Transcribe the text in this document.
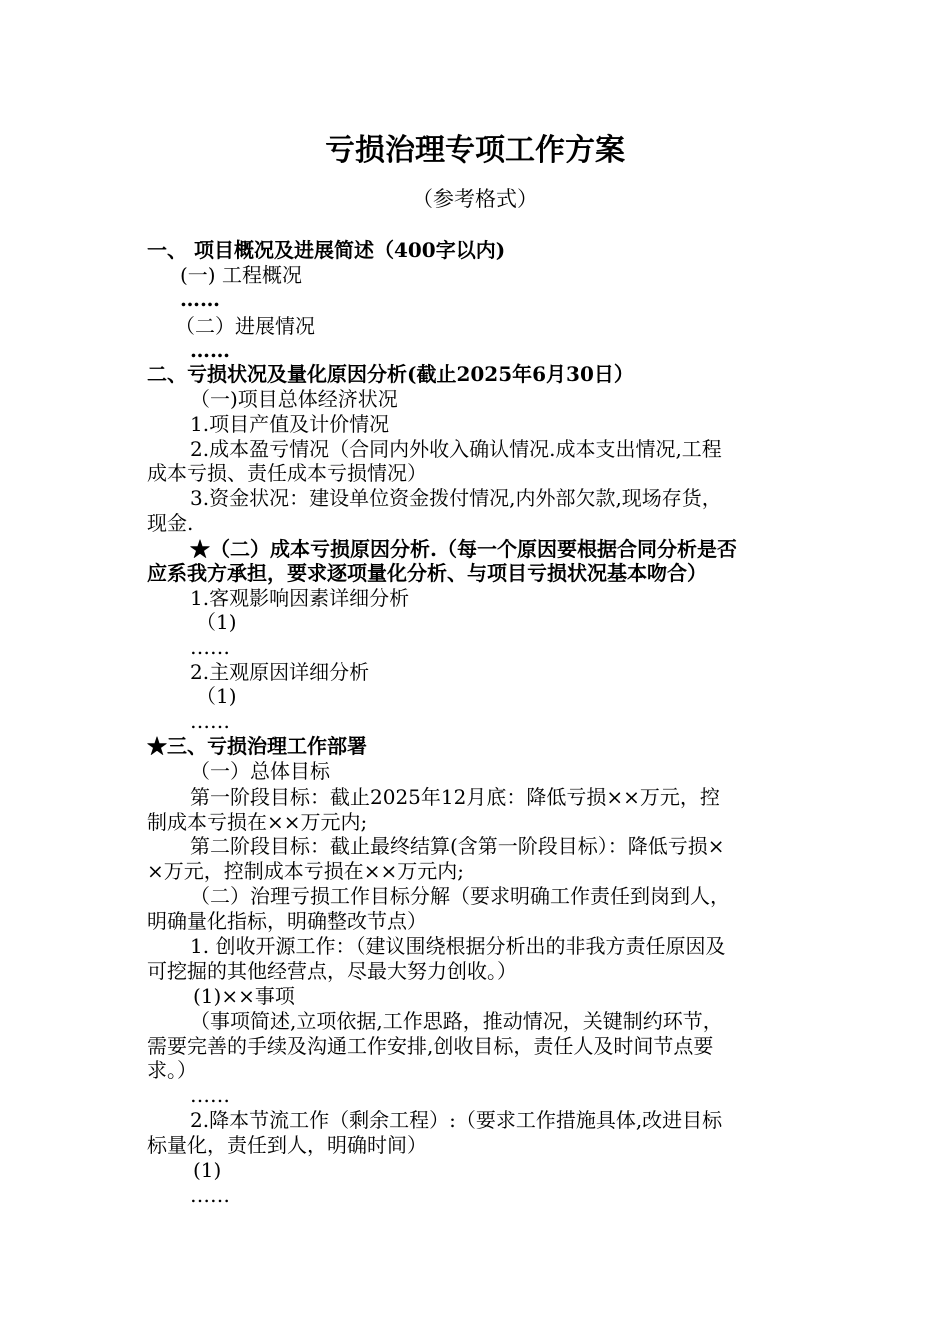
亏损治理专项工作方案
（参考格式）
一、 项目概况及进展简述（400字以内)
(一) 工程概况
……
（二）进展情况
……
二、亏损状况及量化原因分析(截止2025年6月30日）
（一)项目总体经济状况
1.项目产值及计价情况
2.成本盈亏情况（合同内外收入确认情况.成本支出情况,工程
成本亏损、责任成本亏损情况）
3.资金状况：建设单位资金拨付情况,内外部欠款,现场存货，
现金.
★（二）成本亏损原因分析.（每一个原因要根据合同分析是否
应系我方承担，要求逐项量化分析、与项目亏损状况基本吻合）
1.客观影响因素详细分析
（1)
……
2.主观原因详细分析
（1)
……
★三、亏损治理工作部署
（一）总体目标
第一阶段目标：截止2025年12月底：降低亏损××万元，控
制成本亏损在××万元内;
第二阶段目标：截止最终结算(含第一阶段目标）：降低亏损×
×万元，控制成本亏损在××万元内;
（二）治理亏损工作目标分解（要求明确工作责任到岗到人，
明确量化指标，明确整改节点）
1. 创收开源工作：（建议围绕根据分析出的非我方责任原因及
可挖掘的其他经营点，尽最大努力创收。）
(1)××事项
（事项简述,立项依据,工作思路，推动情况，关键制约环节，
需要完善的手续及沟通工作安排,创收目标，责任人及时间节点要
求。）
……
2.降本节流工作（剩余工程）:（要求工作措施具体,改进目标
标量化，责任到人，明确时间）
(1)
……
